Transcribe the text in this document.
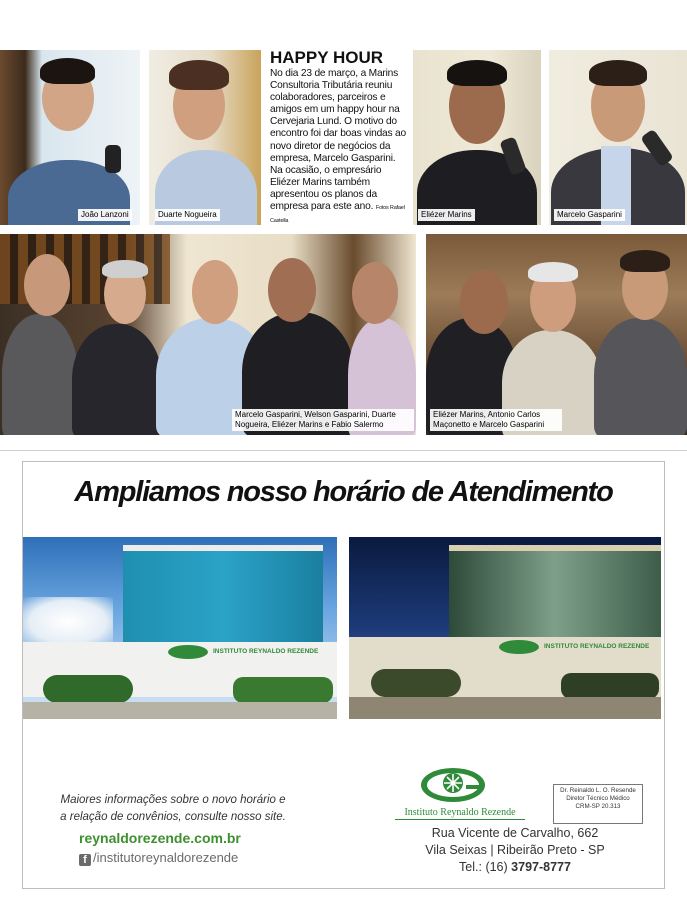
João Lanzoni	Duarte Nogueira
HAPPY HOUR
No dia 23 de março, a Marins Consultoria Tributária reuniu colaboradores, parceiros e amigos em um happy hour na Cervejaria Lund. O motivo do encontro foi dar boas vindas ao novo diretor de negócios da empresa, Marcelo Gasparini. Na ocasião, o empresário Eliézer Marins também apresentou os planos da empresa para este ano. Fotos Rafael Castella
Eliézer Marins	Marcelo Gasparini
Marcelo Gasparini, Welson Gasparini, Duarte Nogueira, Eliézer Marins e Fabio Salermo
Eliézer Marins, Antonio Carlos Maçonetto e Marcelo Gasparini
Ampliamos nosso horário de Atendimento
INSTITUTO REYNALDO REZENDE
INSTITUTO REYNALDO REZENDE
Maiores informações sobre o novo horário e
a relação de convênios, consulte nosso site.
reynaldorezende.com.br
f /institutoreynaldorezende
Instituto Reynaldo Rezende
Dr. Reinaldo L. O. Resende
Diretor Técnico Médico
CRM-SP 20.313
Rua Vicente de Carvalho, 662
Vila Seixas | Ribeirão Preto - SP
Tel.: (16) 3797-8777
